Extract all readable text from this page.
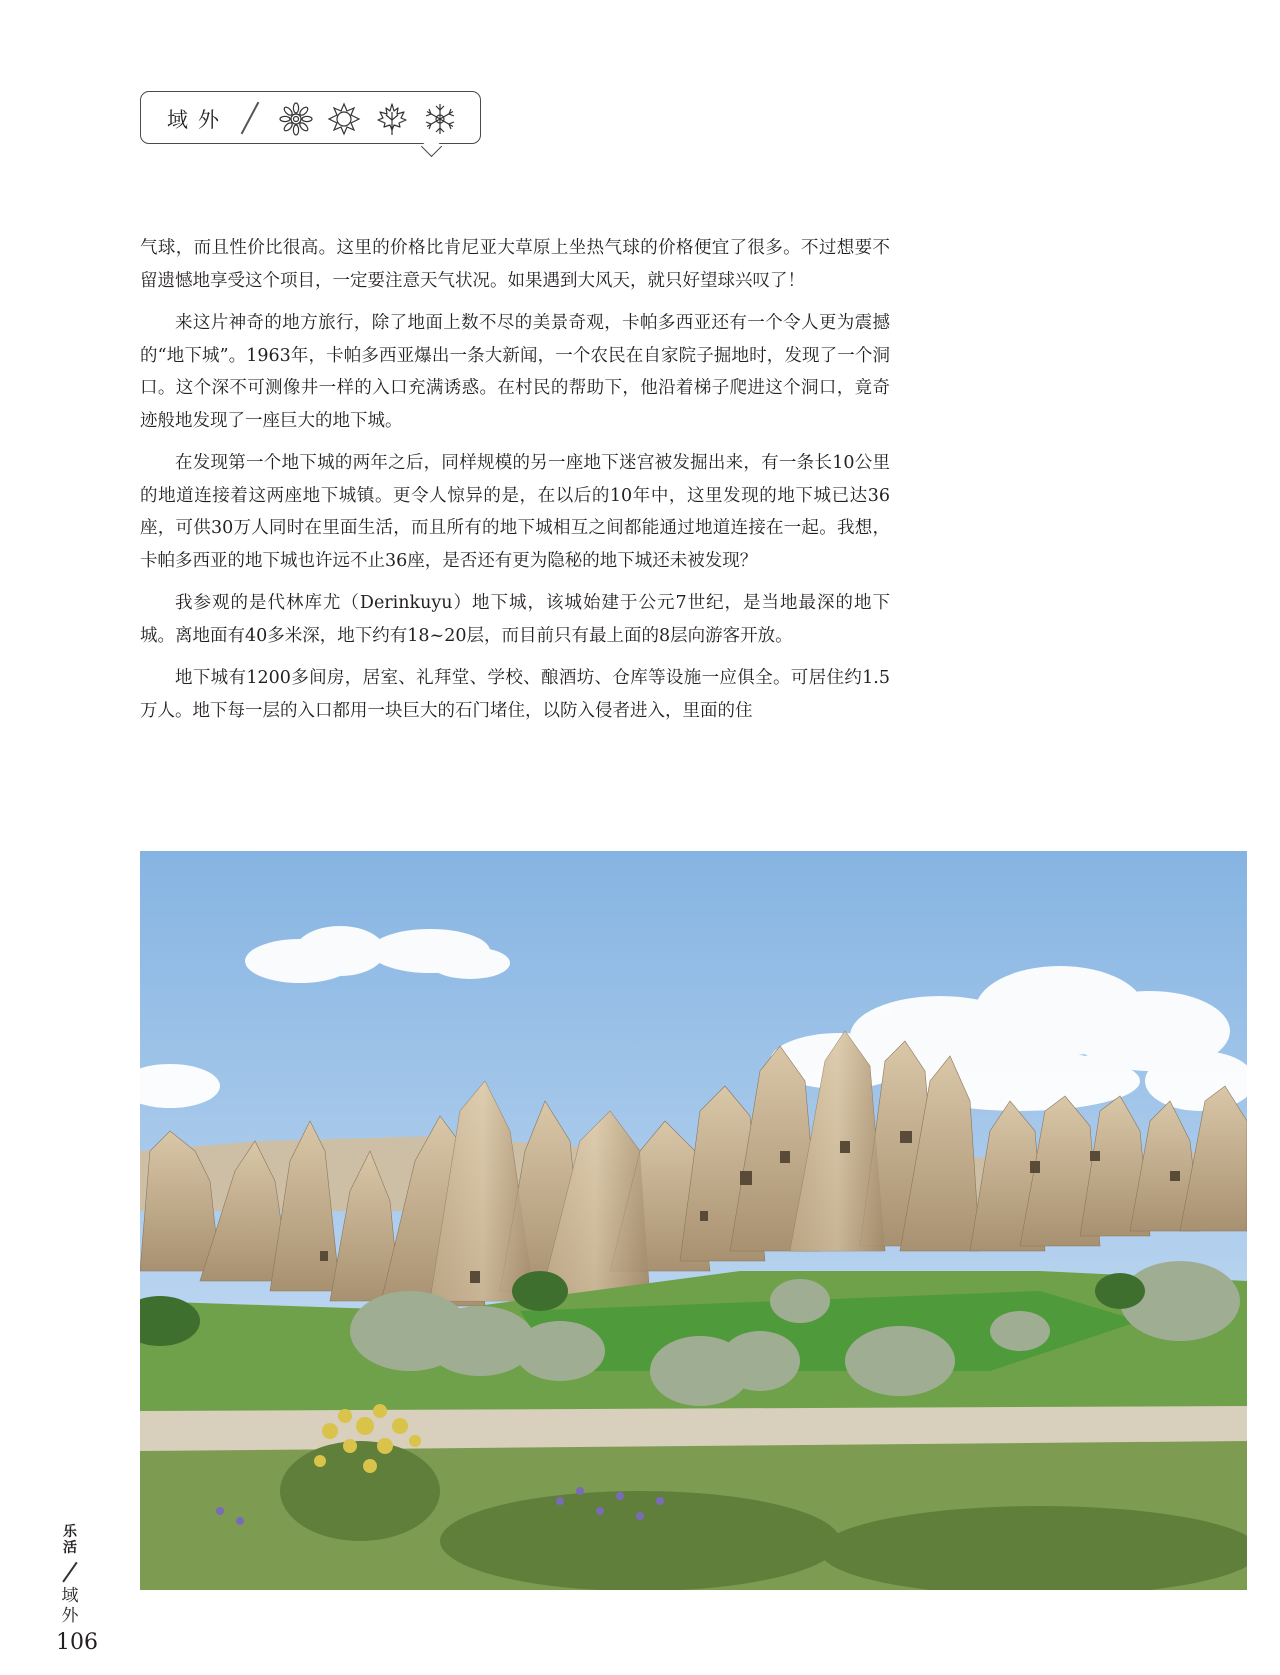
域外

气球，而且性价比很高。这里的价格比肯尼亚大草原上坐热气球的价格便宜了很多。不过想要不留遗憾地享受这个项目，一定要注意天气状况。如果遇到大风天，就只好望球兴叹了！

来这片神奇的地方旅行，除了地面上数不尽的美景奇观，卡帕多西亚还有一个令人更为震撼的“地下城”。1963年，卡帕多西亚爆出一条大新闻，一个农民在自家院子掘地时，发现了一个洞口。这个深不可测像井一样的入口充满诱惑。在村民的帮助下，他沿着梯子爬进这个洞口，竟奇迹般地发现了一座巨大的地下城。

在发现第一个地下城的两年之后，同样规模的另一座地下迷宫被发掘出来，有一条长10公里的地道连接着这两座地下城镇。更令人惊异的是，在以后的10年中，这里发现的地下城已达36座，可供30万人同时在里面生活，而且所有的地下城相互之间都能通过地道连接在一起。我想，卡帕多西亚的地下城也许远不止36座，是否还有更为隐秘的地下城还未被发现？

我参观的是代林库尤（Derinkuyu）地下城，该城始建于公元7世纪，是当地最深的地下城。离地面有40多米深，地下约有18~20层，而目前只有最上面的8层向游客开放。

地下城有1200多间房，居室、礼拜堂、学校、酿酒坊、仓库等设施一应俱全。可居住约1.5万人。地下每一层的入口都用一块巨大的石门堵住，以防入侵者进入，里面的住

乐
活
域
外
106
